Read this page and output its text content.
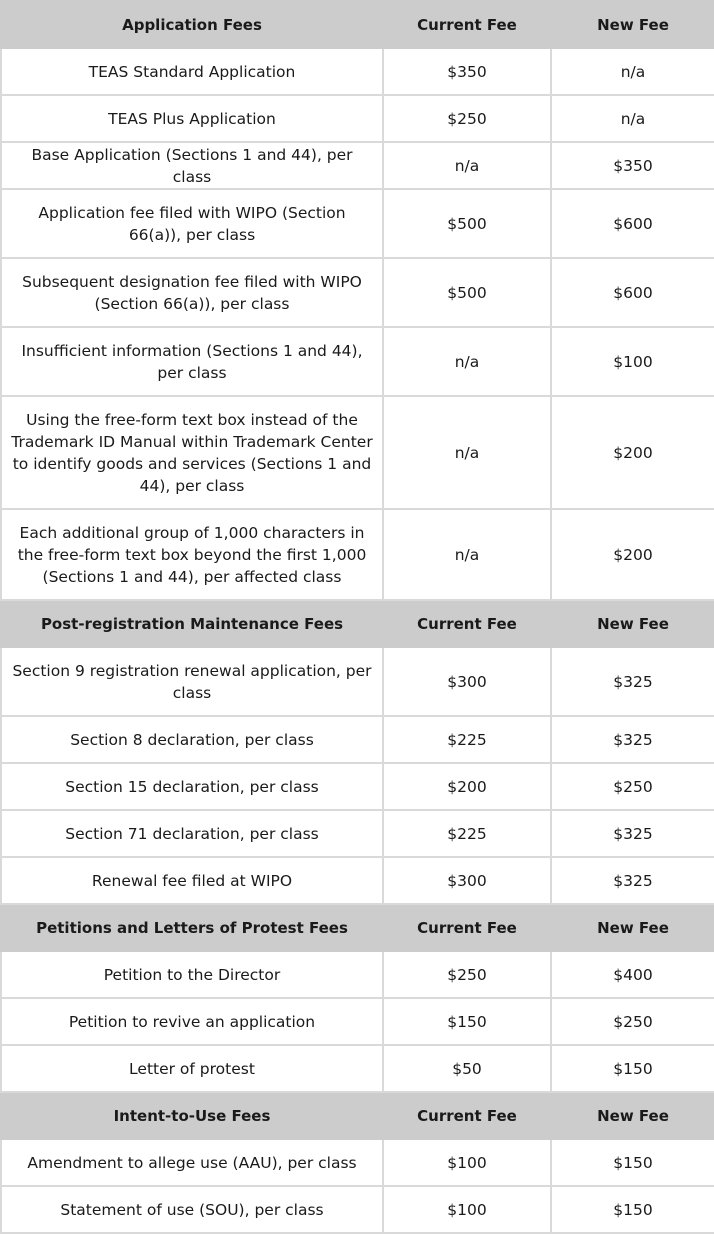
Application Fees	Current Fee	New Fee
TEAS Standard Application	$350	n/a
TEAS Plus Application	$250	n/a
Base Application (Sections 1 and 44), per class	n/a	$350
Application fee filed with WIPO (Section 66(a)), per class	$500	$600
Subsequent designation fee filed with WIPO (Section 66(a)), per class	$500	$600
Insufficient information (Sections 1 and 44), per class	n/a	$100
Using the free-form text box instead of the Trademark ID Manual within Trademark Center to identify goods and services (Sections 1 and 44), per class	n/a	$200
Each additional group of 1,000 characters in the free-form text box beyond the first 1,000 (Sections 1 and 44), per affected class	n/a	$200
Post-registration Maintenance Fees	Current Fee	New Fee
Section 9 registration renewal application, per class	$300	$325
Section 8 declaration, per class	$225	$325
Section 15 declaration, per class	$200	$250
Section 71 declaration, per class	$225	$325
Renewal fee filed at WIPO	$300	$325
Petitions and Letters of Protest Fees	Current Fee	New Fee
Petition to the Director	$250	$400
Petition to revive an application	$150	$250
Letter of protest	$50	$150
Intent-to-Use Fees	Current Fee	New Fee
Amendment to allege use (AAU), per class	$100	$150
Statement of use (SOU), per class	$100	$150
